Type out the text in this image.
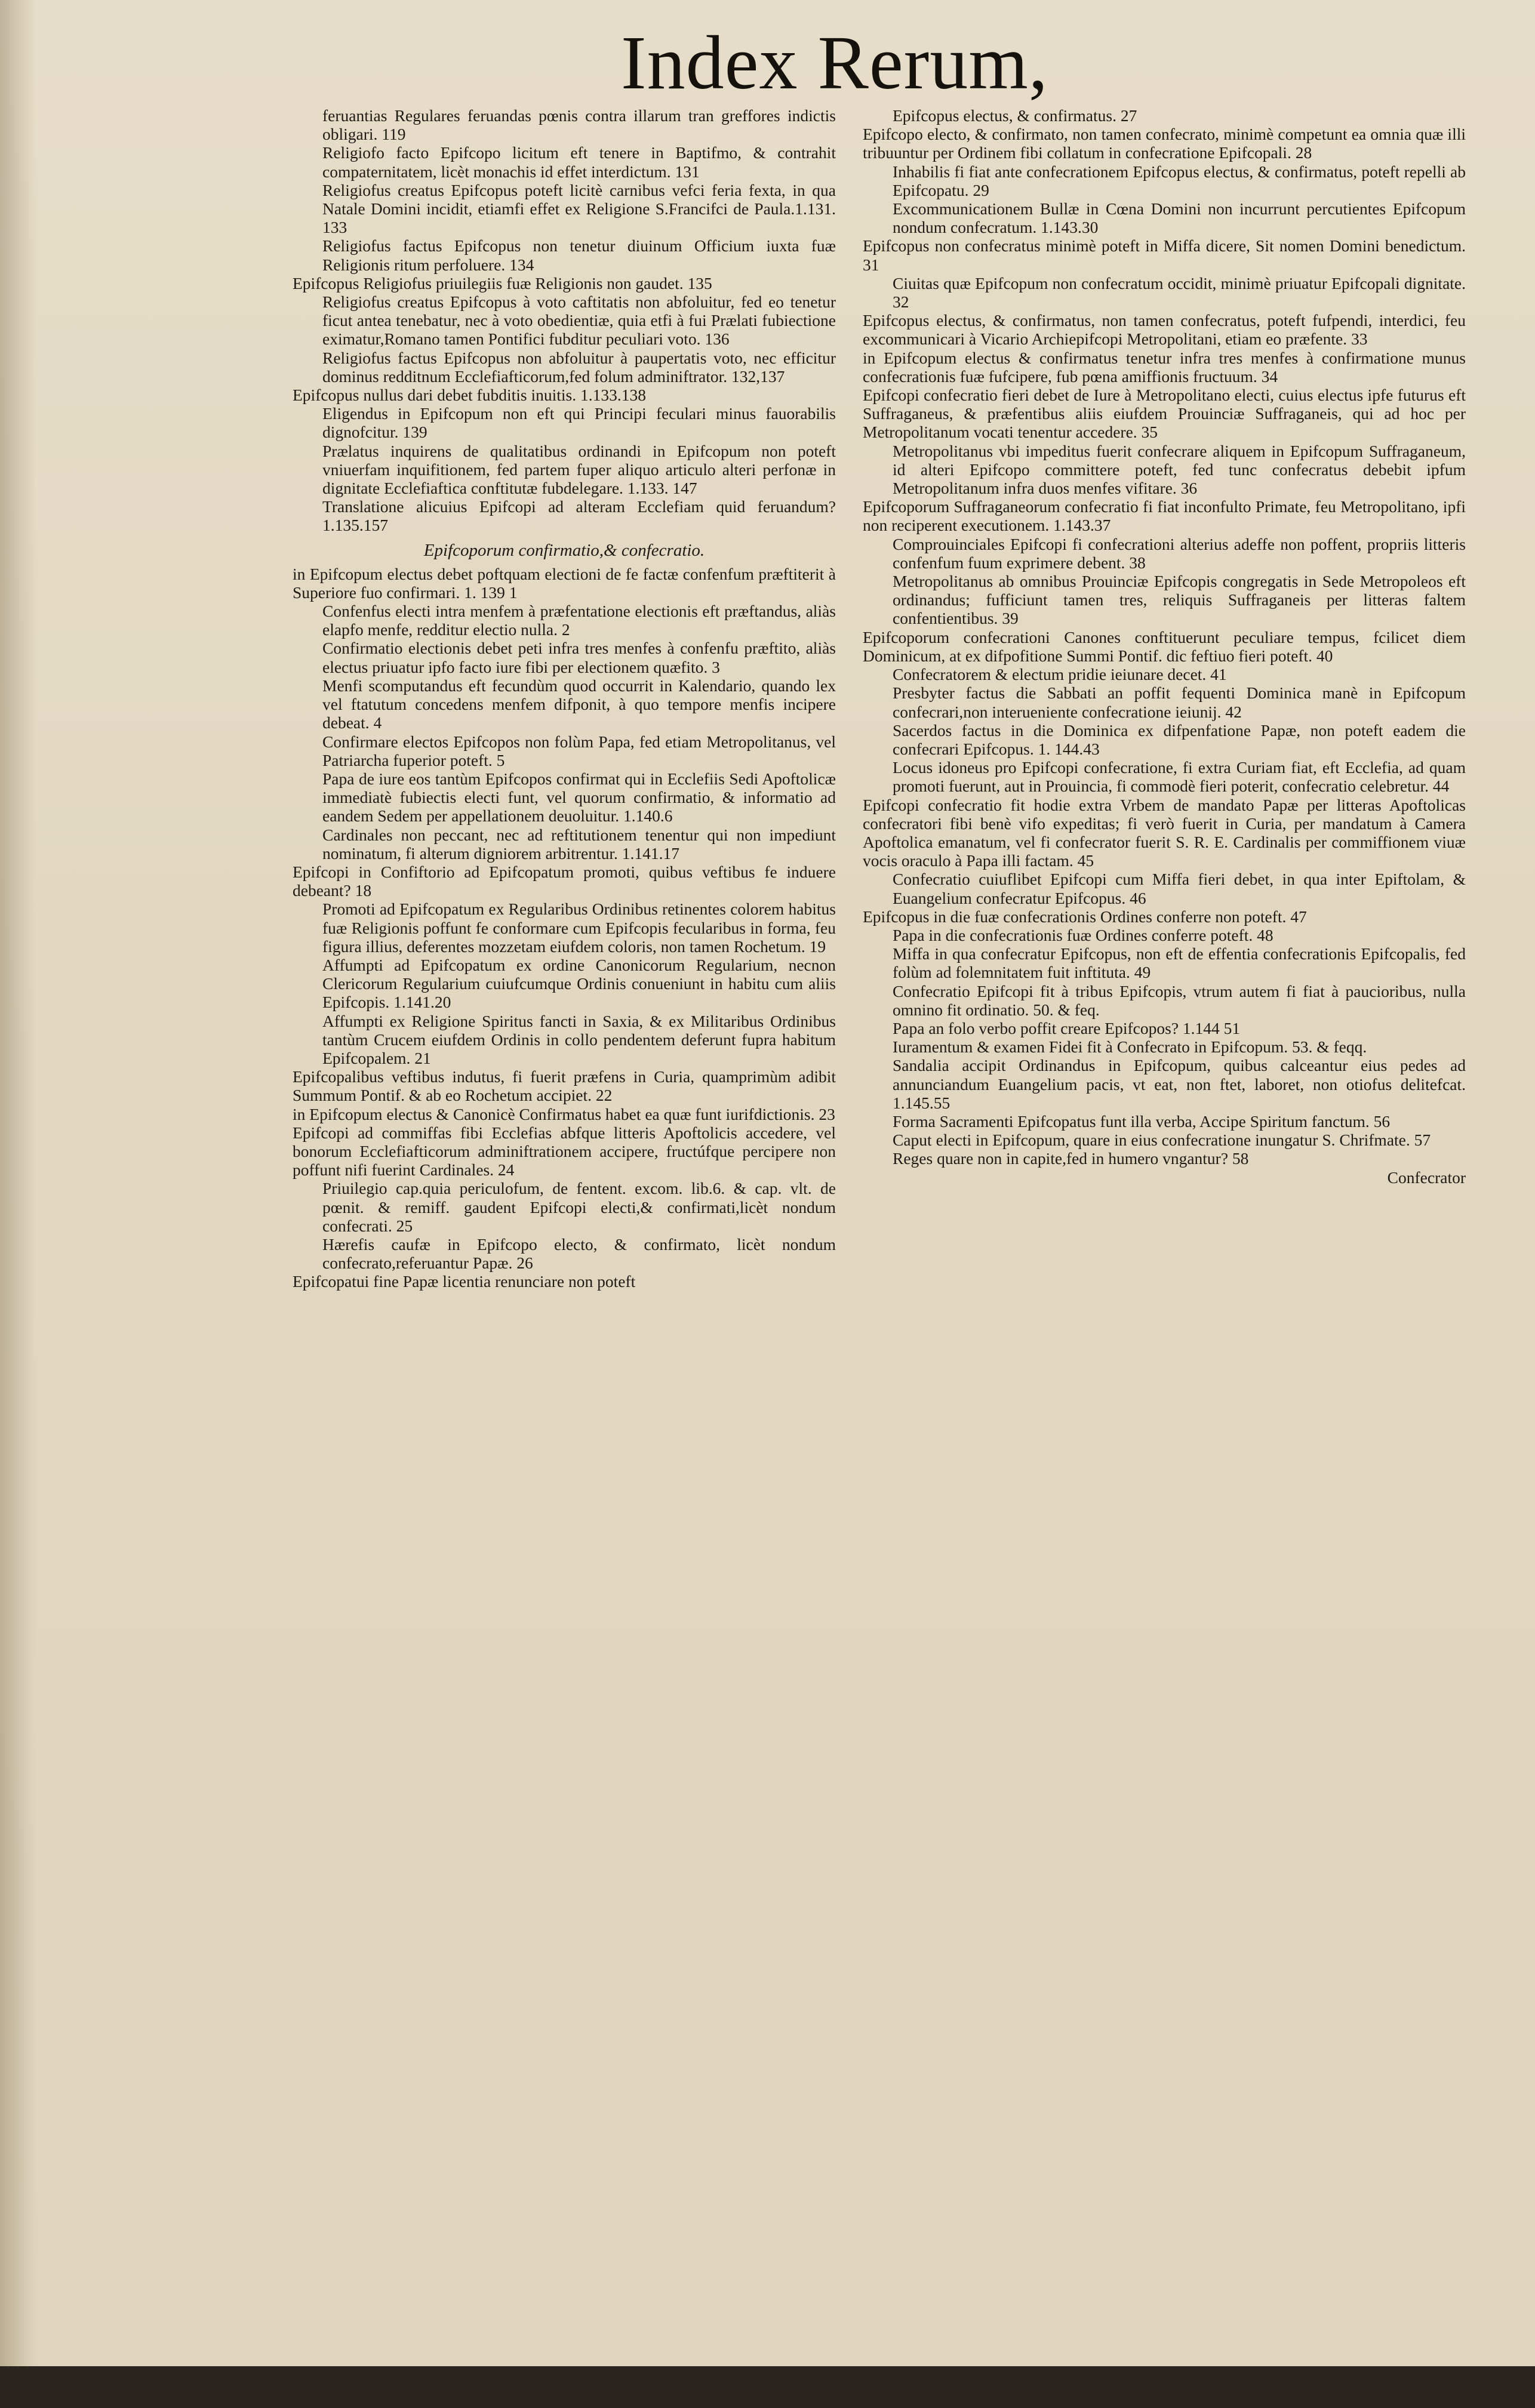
Index Rerum,

feruantias Regulares feruandas pœnis contra illarum tran greffores indictis obligari. 119

Religiofo facto Epifcopo licitum eft tenere in Baptifmo, & contrahit compaternitatem, licèt monachis id effet interdictum. 131

Religiofus creatus Epifcopus poteft licitè carnibus vefci feria fexta, in qua Natale Domini incidit, etiamfi effet ex Religione S.Francifci de Paula.1.131. 133

Religiofus factus Epifcopus non tenetur diuinum Officium iuxta fuæ Religionis ritum perfoluere. 134

Epifcopus Religiofus priuilegiis fuæ Religionis non gaudet. 135

Religiofus creatus Epifcopus à voto caftitatis non abfoluitur, fed eo tenetur ficut antea tenebatur, nec à voto obedientiæ, quia etfi à fui Prælati fubiectione eximatur,Romano tamen Pontifici fubditur peculiari voto. 136

Religiofus factus Epifcopus non abfoluitur à paupertatis voto, nec efficitur dominus redditnum Ecclefiafticorum,fed folum adminiftrator. 132,137

Epifcopus nullus dari debet fubditis inuitis. 1.133.138

Eligendus in Epifcopum non eft qui Principi feculari minus fauorabilis dignofcitur. 139

Prælatus inquirens de qualitatibus ordinandi in Epifcopum non poteft vniuerfam inquifitionem, fed partem fuper aliquo articulo alteri perfonæ in dignitate Ecclefiaftica conftitutæ fubdelegare. 1.133. 147

Translatione alicuius Epifcopi ad alteram Ecclefiam quid feruandum? 1.135.157

Epifcoporum confirmatio,& confecratio.

in Epifcopum electus debet poftquam electioni de fe factæ confenfum præftiterit à Superiore fuo confirmari. 1. 139 1

Confenfus electi intra menfem à præfentatione electionis eft præftandus, aliàs elapfo menfe, redditur electio nulla. 2

Confirmatio electionis debet peti infra tres menfes à confenfu præftito, aliàs electus priuatur ipfo facto iure fibi per electionem quæfito. 3

Menfi scomputandus eft fecundùm quod occurrit in Kalendario, quando lex vel ftatutum concedens menfem difponit, à quo tempore menfis incipere debeat. 4

Confirmare electos Epifcopos non folùm Papa, fed etiam Metropolitanus, vel Patriarcha fuperior poteft. 5

Papa de iure eos tantùm Epifcopos confirmat qui in Ecclefiis Sedi Apoftolicæ immediatè fubiectis electi funt, vel quorum confirmatio, & informatio ad eandem Sedem per appellationem deuoluitur. 1.140.6

Cardinales non peccant, nec ad reftitutionem tenentur qui non impediunt nominatum, fi alterum digniorem arbitrentur. 1.141.17

Epifcopi in Confiftorio ad Epifcopatum promoti, quibus veftibus fe induere debeant? 18

Promoti ad Epifcopatum ex Regularibus Ordinibus retinentes colorem habitus fuæ Religionis poffunt fe conformare cum Epifcopis fecularibus in forma, feu figura illius, deferentes mozzetam eiufdem coloris, non tamen Rochetum. 19

Affumpti ad Epifcopatum ex ordine Canonicorum Regularium, necnon Clericorum Regularium cuiufcumque Ordinis conueniunt in habitu cum aliis Epifcopis. 1.141.20

Affumpti ex Religione Spiritus fancti in Saxia, & ex Militaribus Ordinibus tantùm Crucem eiufdem Ordinis in collo pendentem deferunt fupra habitum Epifcopalem. 21

Epifcopalibus veftibus indutus, fi fuerit præfens in Curia, quamprimùm adibit Summum Pontif. & ab eo Rochetum accipiet. 22

in Epifcopum electus & Canonicè Confirmatus habet ea quæ funt iurifdictionis. 23

Epifcopi ad commiffas fibi Ecclefias abfque litteris Apoftolicis accedere, vel bonorum Ecclefiafticorum adminiftrationem accipere, fructúfque percipere non poffunt nifi fuerint Cardinales. 24

Priuilegio cap.quia periculofum, de fentent. excom. lib.6. & cap. vlt. de pœnit. & remiff. gaudent Epifcopi electi,& confirmati,licèt nondum confecrati. 25

Hærefis caufæ in Epifcopo electo, & confirmato, licèt nondum confecrato,referuantur Papæ. 26

Epifcopatui fine Papæ licentia renunciare non poteft

Epifcopus electus, & confirmatus. 27

Epifcopo electo, & confirmato, non tamen confecrato, minimè competunt ea omnia quæ illi tribuuntur per Ordinem fibi collatum in confecratione Epifcopali. 28

Inhabilis fi fiat ante confecrationem Epifcopus electus, & confirmatus, poteft repelli ab Epifcopatu. 29

Excommunicationem Bullæ in Cœna Domini non incurrunt percutientes Epifcopum nondum confecratum. 1.143.30

Epifcopus non confecratus minimè poteft in Miffa dicere, Sit nomen Domini benedictum. 31

Ciuitas quæ Epifcopum non confecratum occidit, minimè priuatur Epifcopali dignitate. 32

Epifcopus electus, & confirmatus, non tamen confecratus, poteft fufpendi, interdici, feu excommunicari à Vicario Archiepifcopi Metropolitani, etiam eo præfente. 33

in Epifcopum electus & confirmatus tenetur infra tres menfes à confirmatione munus confecrationis fuæ fufcipere, fub pœna amiffionis fructuum. 34

Epifcopi confecratio fieri debet de Iure à Metropolitano electi, cuius electus ipfe futurus eft Suffraganeus, & præfentibus aliis eiufdem Prouinciæ Suffraganeis, qui ad hoc per Metropolitanum vocati tenentur accedere. 35

Metropolitanus vbi impeditus fuerit confecrare aliquem in Epifcopum Suffraganeum, id alteri Epifcopo committere poteft, fed tunc confecratus debebit ipfum Metropolitanum infra duos menfes vifitare. 36

Epifcoporum Suffraganeorum confecratio fi fiat inconfulto Primate, feu Metropolitano, ipfi non reciperent executionem. 1.143.37

Comprouinciales Epifcopi fi confecrationi alterius adeffe non poffent, propriis litteris confenfum fuum exprimere debent. 38

Metropolitanus ab omnibus Prouinciæ Epifcopis congregatis in Sede Metropoleos eft ordinandus; fufficiunt tamen tres, reliquis Suffraganeis per litteras faltem confentientibus. 39

Epifcoporum confecrationi Canones conftituerunt peculiare tempus, fcilicet diem Dominicum, at ex difpofitione Summi Pontif. dic feftiuo fieri poteft. 40

Confecratorem & electum pridie ieiunare decet. 41

Presbyter factus die Sabbati an poffit fequenti Dominica manè in Epifcopum confecrari,non interueniente confecratione ieiunij. 42

Sacerdos factus in die Dominica ex difpenfatione Papæ, non poteft eadem die confecrari Epifcopus. 1. 144.43

Locus idoneus pro Epifcopi confecratione, fi extra Curiam fiat, eft Ecclefia, ad quam promoti fuerunt, aut in Prouincia, fi commodè fieri poterit, confecratio celebretur. 44

Epifcopi confecratio fit hodie extra Vrbem de mandato Papæ per litteras Apoftolicas confecratori fibi benè vifo expeditas; fi verò fuerit in Curia, per mandatum à Camera Apoftolica emanatum, vel fi confecrator fuerit S. R. E. Cardinalis per commiffionem viuæ vocis oraculo à Papa illi factam. 45

Confecratio cuiuflibet Epifcopi cum Miffa fieri debet, in qua inter Epiftolam, & Euangelium confecratur Epifcopus. 46

Epifcopus in die fuæ confecrationis Ordines conferre non poteft. 47

Papa in die confecrationis fuæ Ordines conferre poteft. 48

Miffa in qua confecratur Epifcopus, non eft de effentia confecrationis Epifcopalis, fed folùm ad folemnitatem fuit inftituta. 49

Confecratio Epifcopi fit à tribus Epifcopis, vtrum autem fi fiat à paucioribus, nulla omnino fit ordinatio. 50. & feq.

Papa an folo verbo poffit creare Epifcopos? 1.144 51

Iuramentum & examen Fidei fit à Confecrato in Epifcopum. 53. & feqq.

Sandalia accipit Ordinandus in Epifcopum, quibus calceantur eius pedes ad annunciandum Euangelium pacis, vt eat, non ftet, laboret, non otiofus delitefcat. 1.145.55

Forma Sacramenti Epifcopatus funt illa verba, Accipe Spiritum fanctum. 56

Caput electi in Epifcopum, quare in eius confecratione inungatur S. Chrifmate. 57

Reges quare non in capite,fed in humero vngantur? 58

Confecrator
